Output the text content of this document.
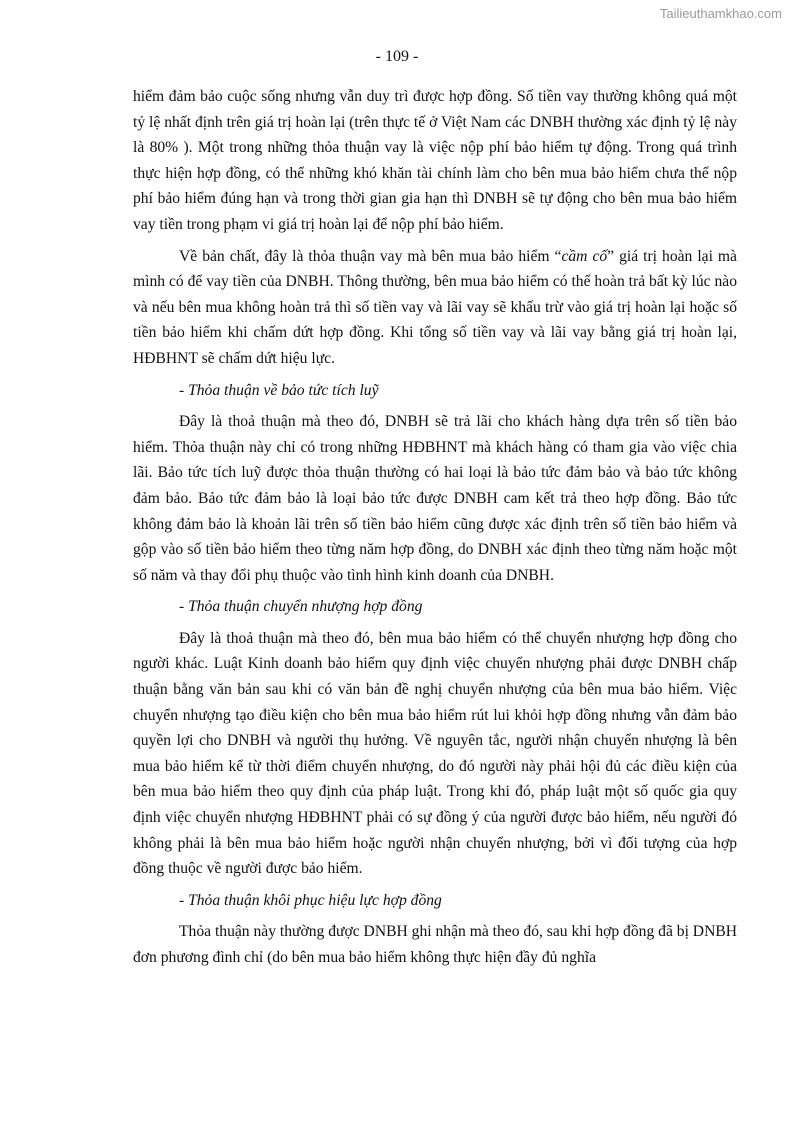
Tailieuthamkhao.com
- 109 -

hiểm đảm bảo cuộc sống nhưng vẫn duy trì được hợp đồng. Số tiền vay thường không quá một tỷ lệ nhất định trên giá trị hoàn lại (trên thực tế ở Việt Nam các DNBH thường xác định tỷ lệ này là 80% ). Một trong những thỏa thuận vay là việc nộp phí bảo hiểm tự động. Trong quá trình thực hiện hợp đồng, có thể những khó khăn tài chính làm cho bên mua bảo hiểm chưa thể nộp phí bảo hiểm đúng hạn và trong thời gian gia hạn thì DNBH sẽ tự động cho bên mua bảo hiểm vay tiền trong phạm vi giá trị hoàn lại để nộp phí bảo hiểm.

Về bản chất, đây là thỏa thuận vay mà bên mua bảo hiểm “cầm cố” giá trị hoàn lại mà mình có để vay tiền của DNBH. Thông thường, bên mua bảo hiểm có thể hoàn trả bất kỳ lúc nào và nếu bên mua không hoàn trả thì số tiền vay và lãi vay sẽ khấu trừ vào giá trị hoàn lại hoặc số tiền bảo hiểm khi chấm dứt hợp đồng. Khi tổng số tiền vay và lãi vay bằng giá trị hoàn lại, HĐBHNT sẽ chấm dứt hiệu lực.

- Thỏa thuận về bảo tức tích luỹ

Đây là thoả thuận mà theo đó, DNBH sẽ trả lãi cho khách hàng dựa trên số tiền bảo hiểm. Thỏa thuận này chỉ có trong những HĐBHNT mà khách hàng có tham gia vào việc chia lãi. Bảo tức tích luỹ được thỏa thuận thường có hai loại là bảo tức đảm bảo và bảo tức không đảm bảo. Bảo tức đảm bảo là loại bảo tức được DNBH cam kết trả theo hợp đồng. Bảo tức không đảm bảo là khoản lãi trên số tiền bảo hiểm cũng được xác định trên số tiền bảo hiểm và gộp vào số tiền bảo hiểm theo từng năm hợp đồng, do DNBH xác định theo từng năm hoặc một số năm và thay đổi phụ thuộc vào tình hình kinh doanh của DNBH.

- Thỏa thuận chuyển nhượng hợp đồng

Đây là thoả thuận mà theo đó, bên mua bảo hiểm có thể chuyển nhượng hợp đồng cho người khác. Luật Kinh doanh bảo hiểm quy định việc chuyển nhượng phải được DNBH chấp thuận bằng văn bản sau khi có văn bản đề nghị chuyển nhượng của bên mua bảo hiểm. Việc chuyển nhượng tạo điều kiện cho bên mua bảo hiểm rút lui khỏi hợp đồng nhưng vẫn đảm bảo quyền lợi cho DNBH và người thụ hưởng. Về nguyên tắc, người nhận chuyển nhượng là bên mua bảo hiểm kể từ thời điểm chuyển nhượng, do đó người này phải hội đủ các điều kiện của bên mua bảo hiểm theo quy định của pháp luật. Trong khi đó, pháp luật một số quốc gia quy định việc chuyển nhượng HĐBHNT phải có sự đồng ý của người được bảo hiểm, nếu người đó không phải là bên mua bảo hiểm hoặc người nhận chuyển nhượng, bởi vì đối tượng của hợp đồng thuộc về người được bảo hiểm.

- Thỏa thuận khôi phục hiệu lực hợp đồng

Thỏa thuận này thường được DNBH ghi nhận mà theo đó, sau khi hợp đồng đã bị DNBH đơn phương đình chỉ (do bên mua bảo hiểm không thực hiện đầy đủ nghĩa
